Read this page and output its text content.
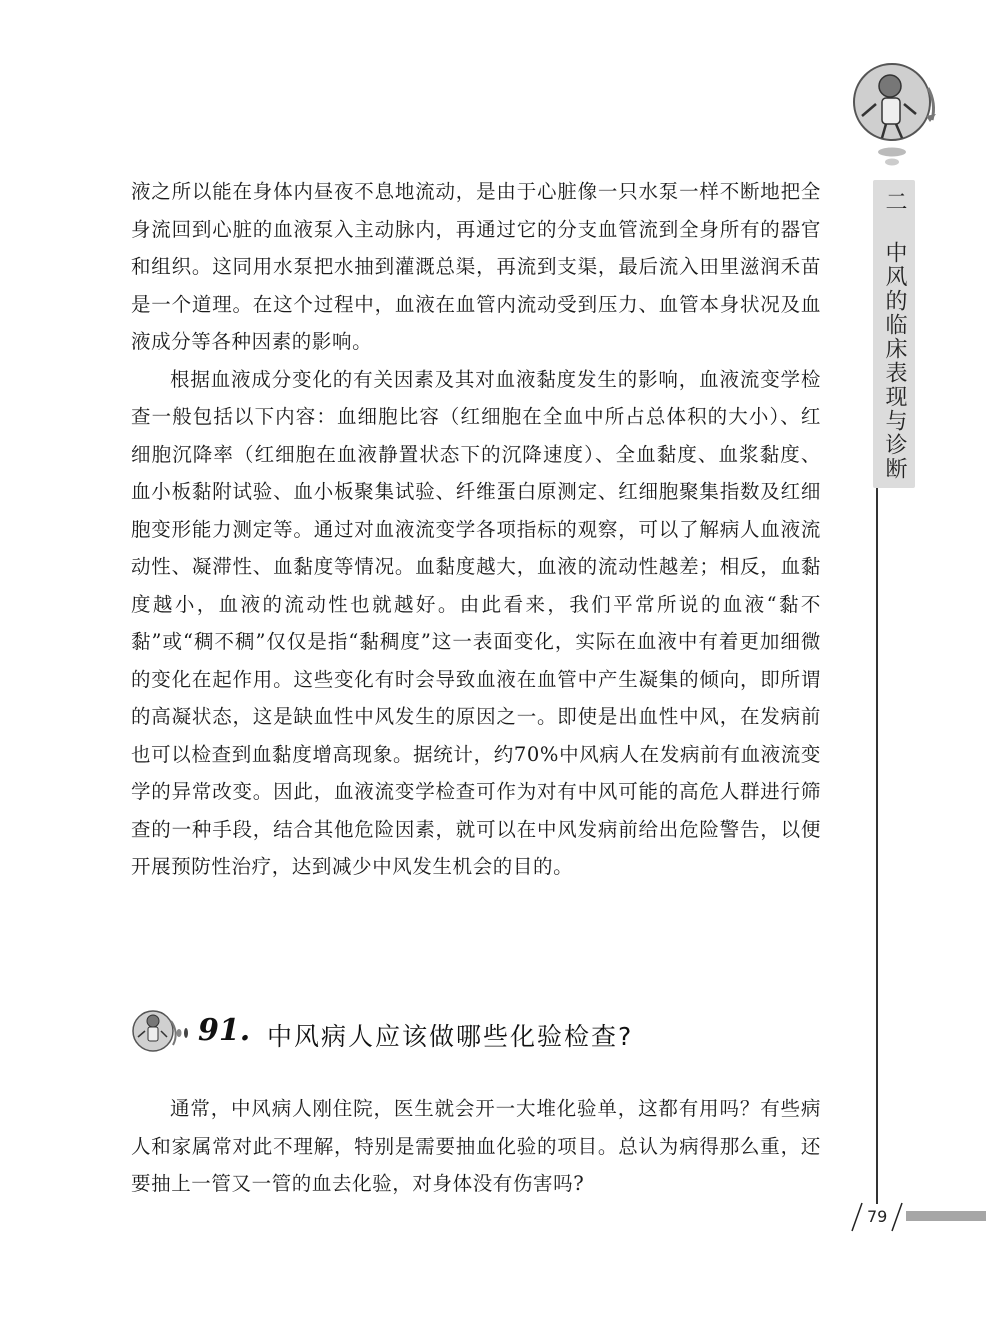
二 中风的临床表现与诊断

液之所以能在身体内昼夜不息地流动，是由于心脏像一只水泵一样不断地把全身流回到心脏的血液泵入主动脉内，再通过它的分支血管流到全身所有的器官和组织。这同用水泵把水抽到灌溉总渠，再流到支渠，最后流入田里滋润禾苗是一个道理。在这个过程中，血液在血管内流动受到压力、血管本身状况及血液成分等各种因素的影响。

根据血液成分变化的有关因素及其对血液黏度发生的影响，血液流变学检查一般包括以下内容：血细胞比容（红细胞在全血中所占总体积的大小）、红细胞沉降率（红细胞在血液静置状态下的沉降速度）、全血黏度、血浆黏度、血小板黏附试验、血小板聚集试验、纤维蛋白原测定、红细胞聚集指数及红细胞变形能力测定等。通过对血液流变学各项指标的观察，可以了解病人血液流动性、凝滞性、血黏度等情况。血黏度越大，血液的流动性越差；相反，血黏度越小，血液的流动性也就越好。由此看来，我们平常所说的血液“黏不黏”或“稠不稠”仅仅是指“黏稠度”这一表面变化，实际在血液中有着更加细微的变化在起作用。这些变化有时会导致血液在血管中产生凝集的倾向，即所谓的高凝状态，这是缺血性中风发生的原因之一。即使是出血性中风，在发病前也可以检查到血黏度增高现象。据统计，约70%中风病人在发病前有血液流变学的异常改变。因此，血液流变学检查可作为对有中风可能的高危人群进行筛查的一种手段，结合其他危险因素，就可以在中风发病前给出危险警告，以便开展预防性治疗，达到减少中风发生机会的目的。

91. 中风病人应该做哪些化验检查?

通常，中风病人刚住院，医生就会开一大堆化验单，这都有用吗？有些病人和家属常对此不理解，特别是需要抽血化验的项目。总认为病得那么重，还要抽上一管又一管的血去化验，对身体没有伤害吗?

79
